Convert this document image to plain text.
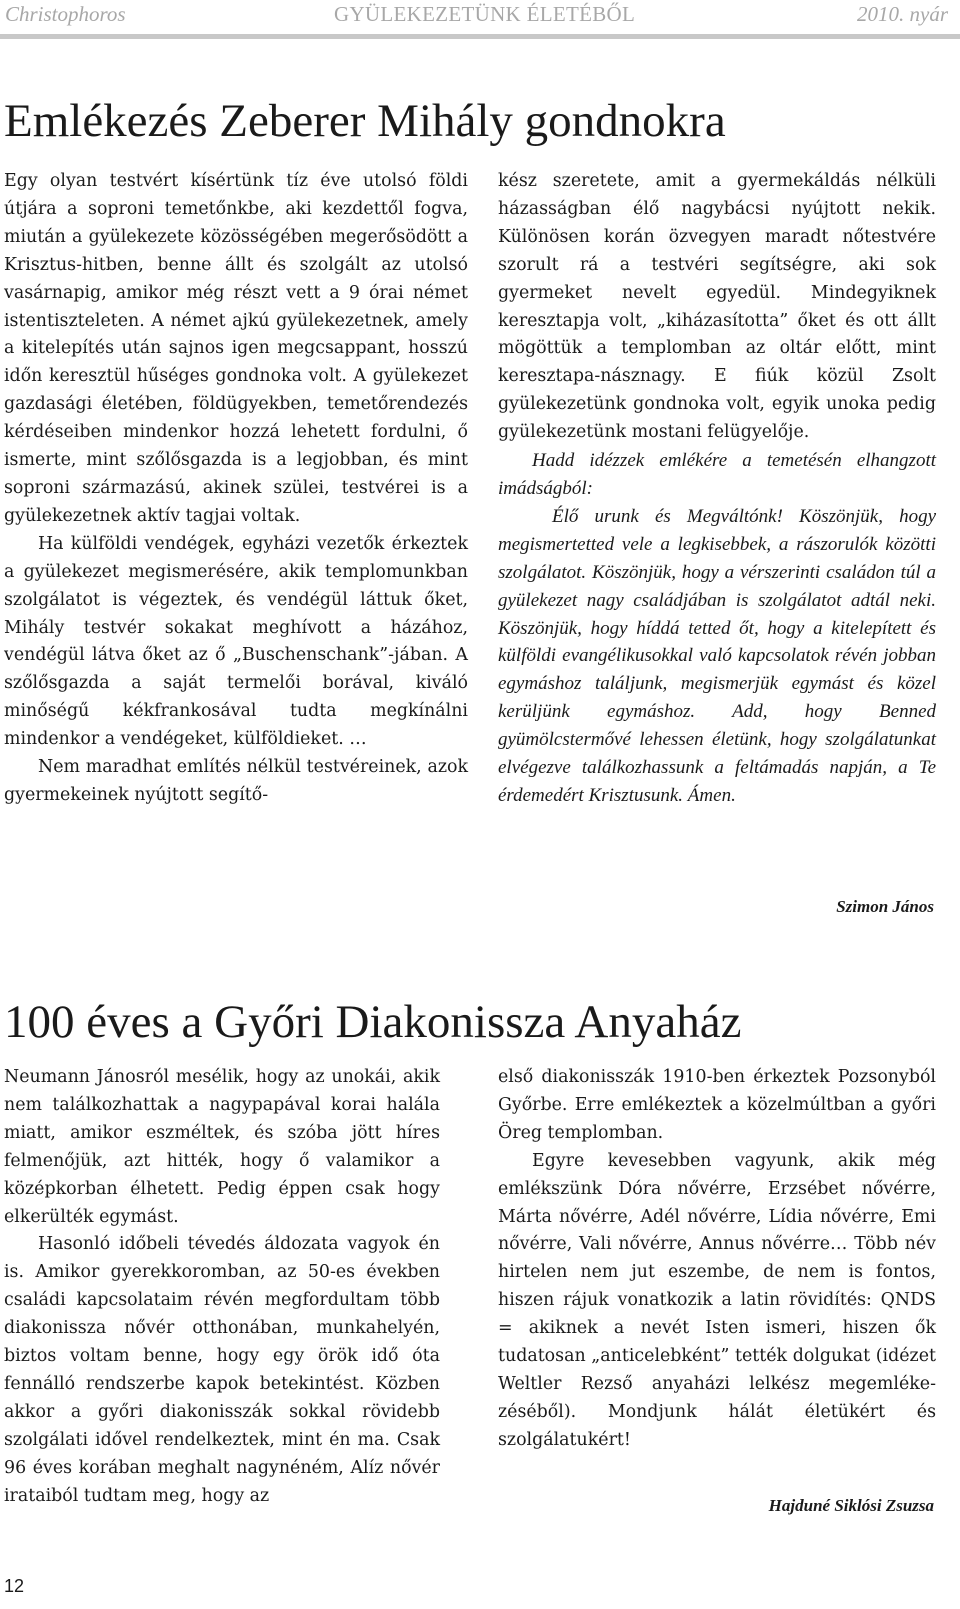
Christophoros	GYÜLEKEZETÜNK ÉLETÉBŐL	2010. nyár
Emlékezés Zeberer Mihály gondnokra

Egy olyan testvért kísértünk tíz éve utolsó földi útjára a soproni temetőnkbe, aki kezdettől fogva, miután a gyülekezete közösségében megerősödött a Krisztus-hitben, benne állt és szolgált az utolsó vasárnapig, amikor még részt vett a 9 órai német istentiszteleten. A német ajkú gyülekezetnek, amely a kitelepítés után sajnos igen megcsappant, hosszú időn keresztül hűséges gondnoka volt. A gyülekezet gazdasági életében, földügyekben, temetőrendezés kérdéseiben mindenkor hozzá lehetett fordulni, ő ismerte, mint szőlősgazda is a legjobban, és mint soproni származású, akinek szülei, testvérei is a gyülekezetnek aktív tagjai voltak.

Ha külföldi vendégek, egyházi vezetők érkeztek a gyülekezet megismerésére, akik templomunkban szolgálatot is végeztek, és vendégül láttuk őket, Mihály testvér sokakat meghívott a házához, vendégül látva őket az ő „Buschenschank”-jában. A szőlősgazda a saját termelői borával, kiváló minőségű kékfrankosával tudta megkínálni mindenkor a vendégeket, külföldieket. …

Nem maradhat említés nélkül testvéreinek, azok gyermekeinek nyújtott segítő-

kész szeretete, amit a gyermekáldás nélküli házasságban élő nagybácsi nyújtott nekik. Különösen korán özvegyen maradt nőtestvére szorult rá a testvéri segítségre, aki sok gyermeket nevelt egyedül. Mindegyiknek keresztapja volt, „kiházasította” őket és ott állt mögöttük a templomban az oltár előtt, mint keresztapa-násznagy. E fiúk közül Zsolt gyülekezetünk gondnoka volt, egyik unoka pedig gyülekezetünk mostani felügyelője.

Hadd idézzek emlékére a temetésén elhangzott imádságból:

Élő urunk és Megváltónk! Köszönjük, hogy megismertetted vele a legkisebbek, a rászorulók közötti szolgálatot. Köszönjük, hogy a vérszerinti családon túl a gyülekezet nagy családjában is szolgálatot adtál neki. Köszönjük, hogy híddá tetted őt, hogy a kitelepített és külföldi evangélikusokkal való kapcsolatok révén jobban egymáshoz találjunk, megismerjük egymást és közel kerüljünk egymáshoz. Add, hogy Benned gyümölcstermővé lehessen életünk, hogy szolgálatunkat elvégezve találkozhassunk a feltámadás napján, a Te érdemedért Krisztusunk. Ámen.

Szimon János
100 éves a Győri Diakonissza Anyaház

Neumann Jánosról mesélik, hogy az unokái, akik nem találkozhattak a nagypapával korai halála miatt, amikor eszméltek, és szóba jött híres felmenőjük, azt hitték, hogy ő valamikor a középkorban élhetett. Pedig éppen csak hogy elkerülték egymást.

Hasonló időbeli tévedés áldozata vagyok én is. Amikor gyerekkoromban, az 50-es években családi kapcsolataim révén megfordultam több diakonissza nővér otthonában, munkahelyén, biztos voltam benne, hogy egy örök idő óta fennálló rendszerbe kapok betekintést. Közben akkor a győri diakonisszák sokkal rövidebb szolgálati idővel rendelkeztek, mint én ma. Csak 96 éves korában meghalt nagynéném, Alíz nővér irataiból tudtam meg, hogy az

első diakonisszák 1910-ben érkeztek Pozsonyból Győrbe. Erre emlékeztek a közelmúltban a győri Öreg templomban.

Egyre kevesebben vagyunk, akik még emlékszünk Dóra nővérre, Erzsébet nővérre, Márta nővérre, Adél nővérre, Lídia nővérre, Emi nővérre, Vali nővérre, Annus nővérre… Több név hirtelen nem jut eszembe, de nem is fontos, hiszen rájuk vonatkozik a latin rövidítés: QNDS = akiknek a nevét Isten ismeri, hiszen ők tudatosan „anticelebként” tették dolgukat (idézet Weltler Rezső anyaházi lelkész megemlékezéséből). Mondjunk hálát életükért és szolgálatukért!

Hajduné Siklósi Zsuzsa
12
